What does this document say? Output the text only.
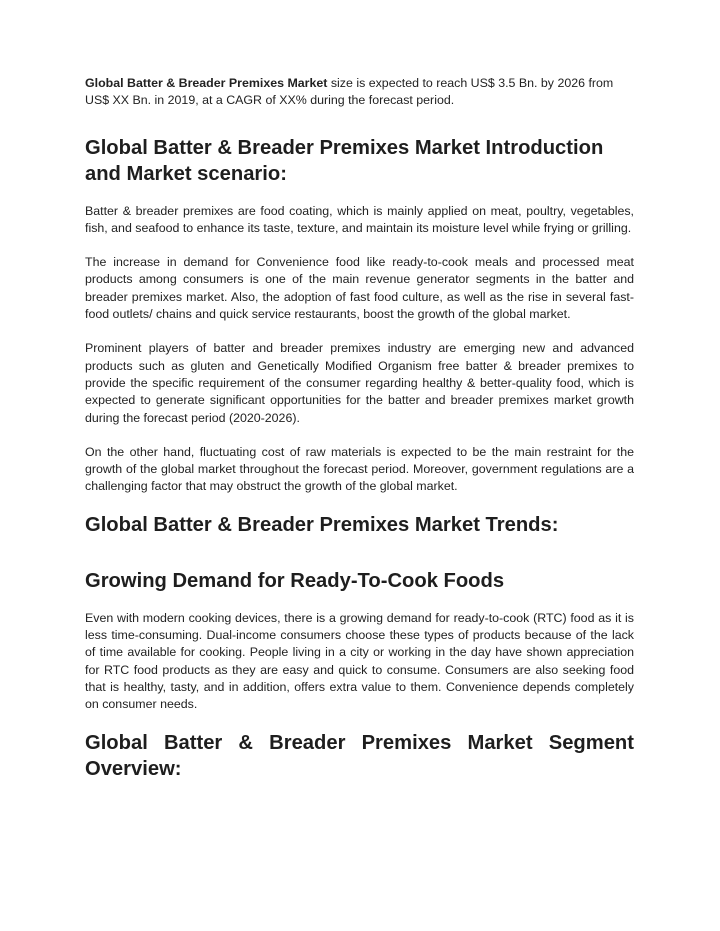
Global Batter & Breader Premixes Market size is expected to reach US$ 3.5 Bn. by 2026 from US$ XX Bn. in 2019, at a CAGR of XX% during the forecast period.

Global Batter & Breader Premixes Market Introduction and Market scenario:

Batter & breader premixes are food coating, which is mainly applied on meat, poultry, vegetables, fish, and seafood to enhance its taste, texture, and maintain its moisture level while frying or grilling.

The increase in demand for Convenience food like ready-to-cook meals and processed meat products among consumers is one of the main revenue generator segments in the batter and breader premixes market. Also, the adoption of fast food culture, as well as the rise in several fast-food outlets/ chains and quick service restaurants, boost the growth of the global market.

Prominent players of batter and breader premixes industry are emerging new and advanced products such as gluten and Genetically Modified Organism free batter & breader premixes to provide the specific requirement of the consumer regarding healthy & better-quality food, which is expected to generate significant opportunities for the batter and breader premixes market growth during the forecast period (2020-2026).

On the other hand, fluctuating cost of raw materials is expected to be the main restraint for the growth of the global market throughout the forecast period. Moreover, government regulations are a challenging factor that may obstruct the growth of the global market.

Global Batter & Breader Premixes Market Trends:
Growing Demand for Ready-To-Cook Foods

Even with modern cooking devices, there is a growing demand for ready-to-cook (RTC) food as it is less time-consuming. Dual-income consumers choose these types of products because of the lack of time available for cooking. People living in a city or working in the day have shown appreciation for RTC food products as they are easy and quick to consume. Consumers are also seeking food that is healthy, tasty, and in addition, offers extra value to them. Convenience depends completely on consumer needs.

Global Batter & Breader Premixes Market Segment Overview:
